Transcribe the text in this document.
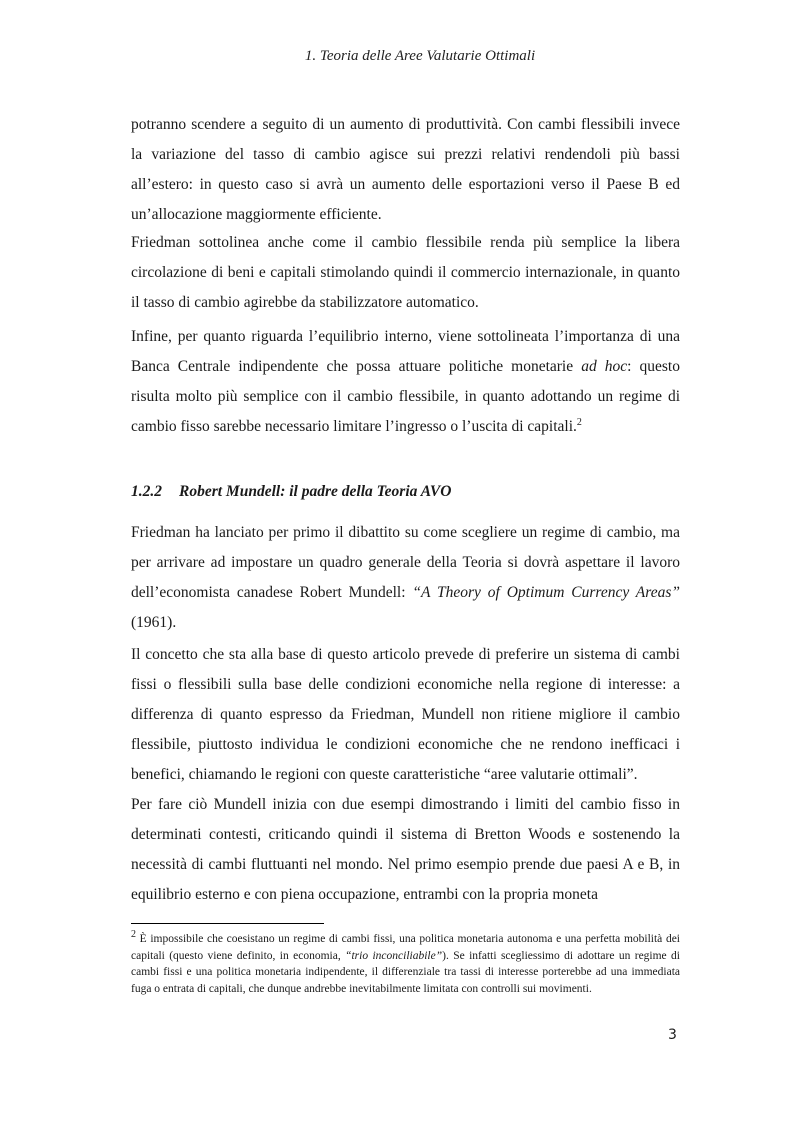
1. Teoria delle Aree Valutarie Ottimali

potranno scendere a seguito di un aumento di produttività. Con cambi flessibili invece la variazione del tasso di cambio agisce sui prezzi relativi rendendoli più bassi all’estero: in questo caso si avrà un aumento delle esportazioni verso il Paese B ed un’allocazione maggiormente efficiente.

Friedman sottolinea anche come il cambio flessibile renda più semplice la libera circolazione di beni e capitali stimolando quindi il commercio internazionale, in quanto il tasso di cambio agirebbe da stabilizzatore automatico.

Infine, per quanto riguarda l’equilibrio interno, viene sottolineata l’importanza di una Banca Centrale indipendente che possa attuare politiche monetarie ad hoc: questo risulta molto più semplice con il cambio flessibile, in quanto adottando un regime di cambio fisso sarebbe necessario limitare l’ingresso o l’uscita di capitali.$^2$

1.2.2 Robert Mundell: il padre della Teoria AVO

Friedman ha lanciato per primo il dibattito su come scegliere un regime di cambio, ma per arrivare ad impostare un quadro generale della Teoria si dovrà aspettare il lavoro dell’economista canadese Robert Mundell: “A Theory of Optimum Currency Areas” (1961).

Il concetto che sta alla base di questo articolo prevede di preferire un sistema di cambi fissi o flessibili sulla base delle condizioni economiche nella regione di interesse: a differenza di quanto espresso da Friedman, Mundell non ritiene migliore il cambio flessibile, piuttosto individua le condizioni economiche che ne rendono inefficaci i benefici, chiamando le regioni con queste caratteristiche “aree valutarie ottimali”.

Per fare ciò Mundell inizia con due esempi dimostrando i limiti del cambio fisso in determinati contesti, criticando quindi il sistema di Bretton Woods e sostenendo la necessità di cambi fluttuanti nel mondo. Nel primo esempio prende due paesi A e B, in equilibrio esterno e con piena occupazione, entrambi con la propria moneta

$^2$ È impossibile che coesistano un regime di cambi fissi, una politica monetaria autonoma e una perfetta mobilità dei capitali (questo viene definito, in economia, “trio inconciliabile”). Se infatti scegliessimo di adottare un regime di cambi fissi e una politica monetaria indipendente, il differenziale tra tassi di interesse porterebbe ad una immediata fuga o entrata di capitali, che dunque andrebbe inevitabilmente limitata con controlli sui movimenti.

3
